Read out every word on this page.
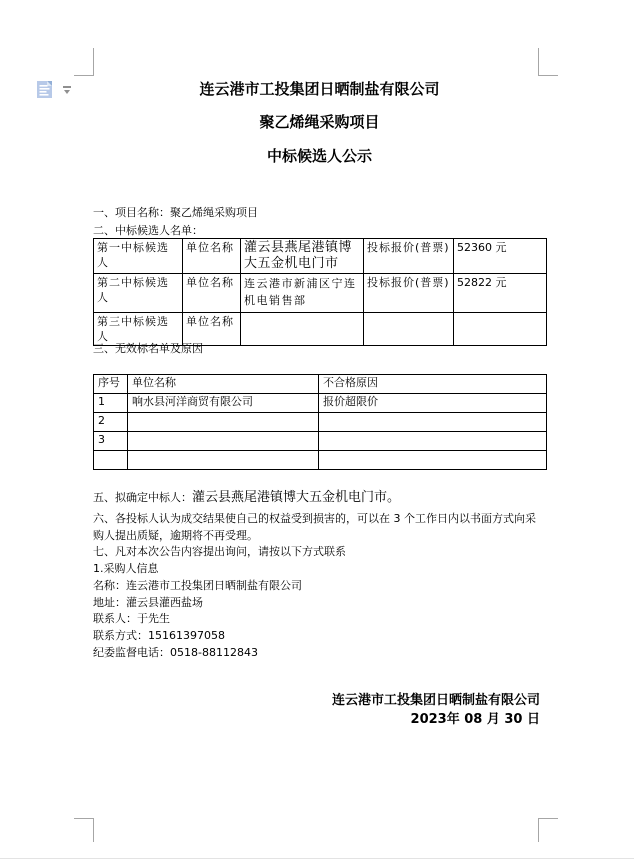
连云港市工投集团日晒制盐有限公司
聚乙烯绳采购项目
中标候选人公示
一、项目名称：聚乙烯绳采购项目
二、中标候选人名单：
第一中标候选人	单位名称	灌云县燕尾港镇博大五金机电门市	投标报价(普票)	52360 元
第二中标候选人	单位名称	连云港市新浦区宁连机电销售部	投标报价(普票)	52822 元
第三中标候选人	单位名称			
三、无效标名单及原因
序号	单位名称	不合格原因
1	响水县河洋商贸有限公司	报价超限价
2		
3		

五、拟确定中标人：灌云县燕尾港镇博大五金机电门市。
六、各投标人认为成交结果使自己的权益受到损害的，可以在 3 个工作日内以书面方式向采购人提出质疑，逾期将不再受理。
七、凡对本次公告内容提出询问，请按以下方式联系
1.采购人信息
名称：连云港市工投集团日晒制盐有限公司
地址：灌云县灌西盐场
联系人：于先生
联系方式：15161397058
纪委监督电话：0518-88112843
连云港市工投集团日晒制盐有限公司
2023年 08 月 30 日
